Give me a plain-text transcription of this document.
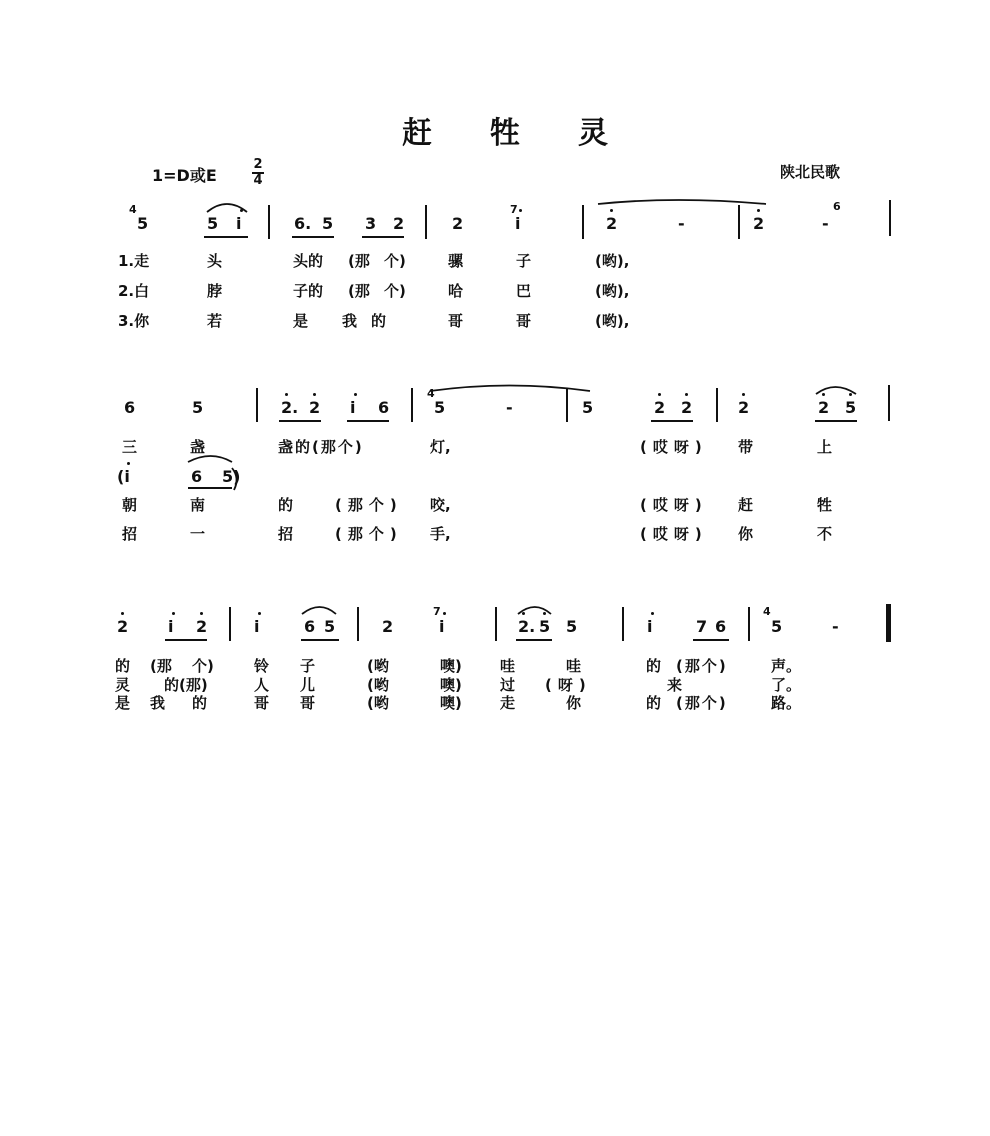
赶牲灵
1=D或E
2
4	陕北民歌
4	7	6
5	5 i	6. 5 3 2	2	i	2	-	2	-
1.走	头	头的 (那 个)	骡	子	(哟),
2.白	脖	子的 (那 个)	哈	巴	(哟),
3.你	若	是 我的	哥	哥	(哟),
4
6	5	2. 2 i 6	5	-	5	2 2	2	2 5
三	盏	盏的(那个)	灯,	(哎呀) 带	上
(i	6 5)
朝	南	的	(那个) 咬,	(哎呀) 赶	牲
招	一	招	(那个) 手,	(哎呀) 你	不
7	4
2 i 2	i	6 5	2	i	2. 5 5	i	7 6	5	-
的 (那 个)	铃 子	(哟	噢)	哇	哇	的 (那个)	声。
灵 的(那)	人 儿	(哟	噢)	过 (呀)	来	了。
是 我 的	哥 哥	(哟	噢)	走	你	的 (那个)	路。
